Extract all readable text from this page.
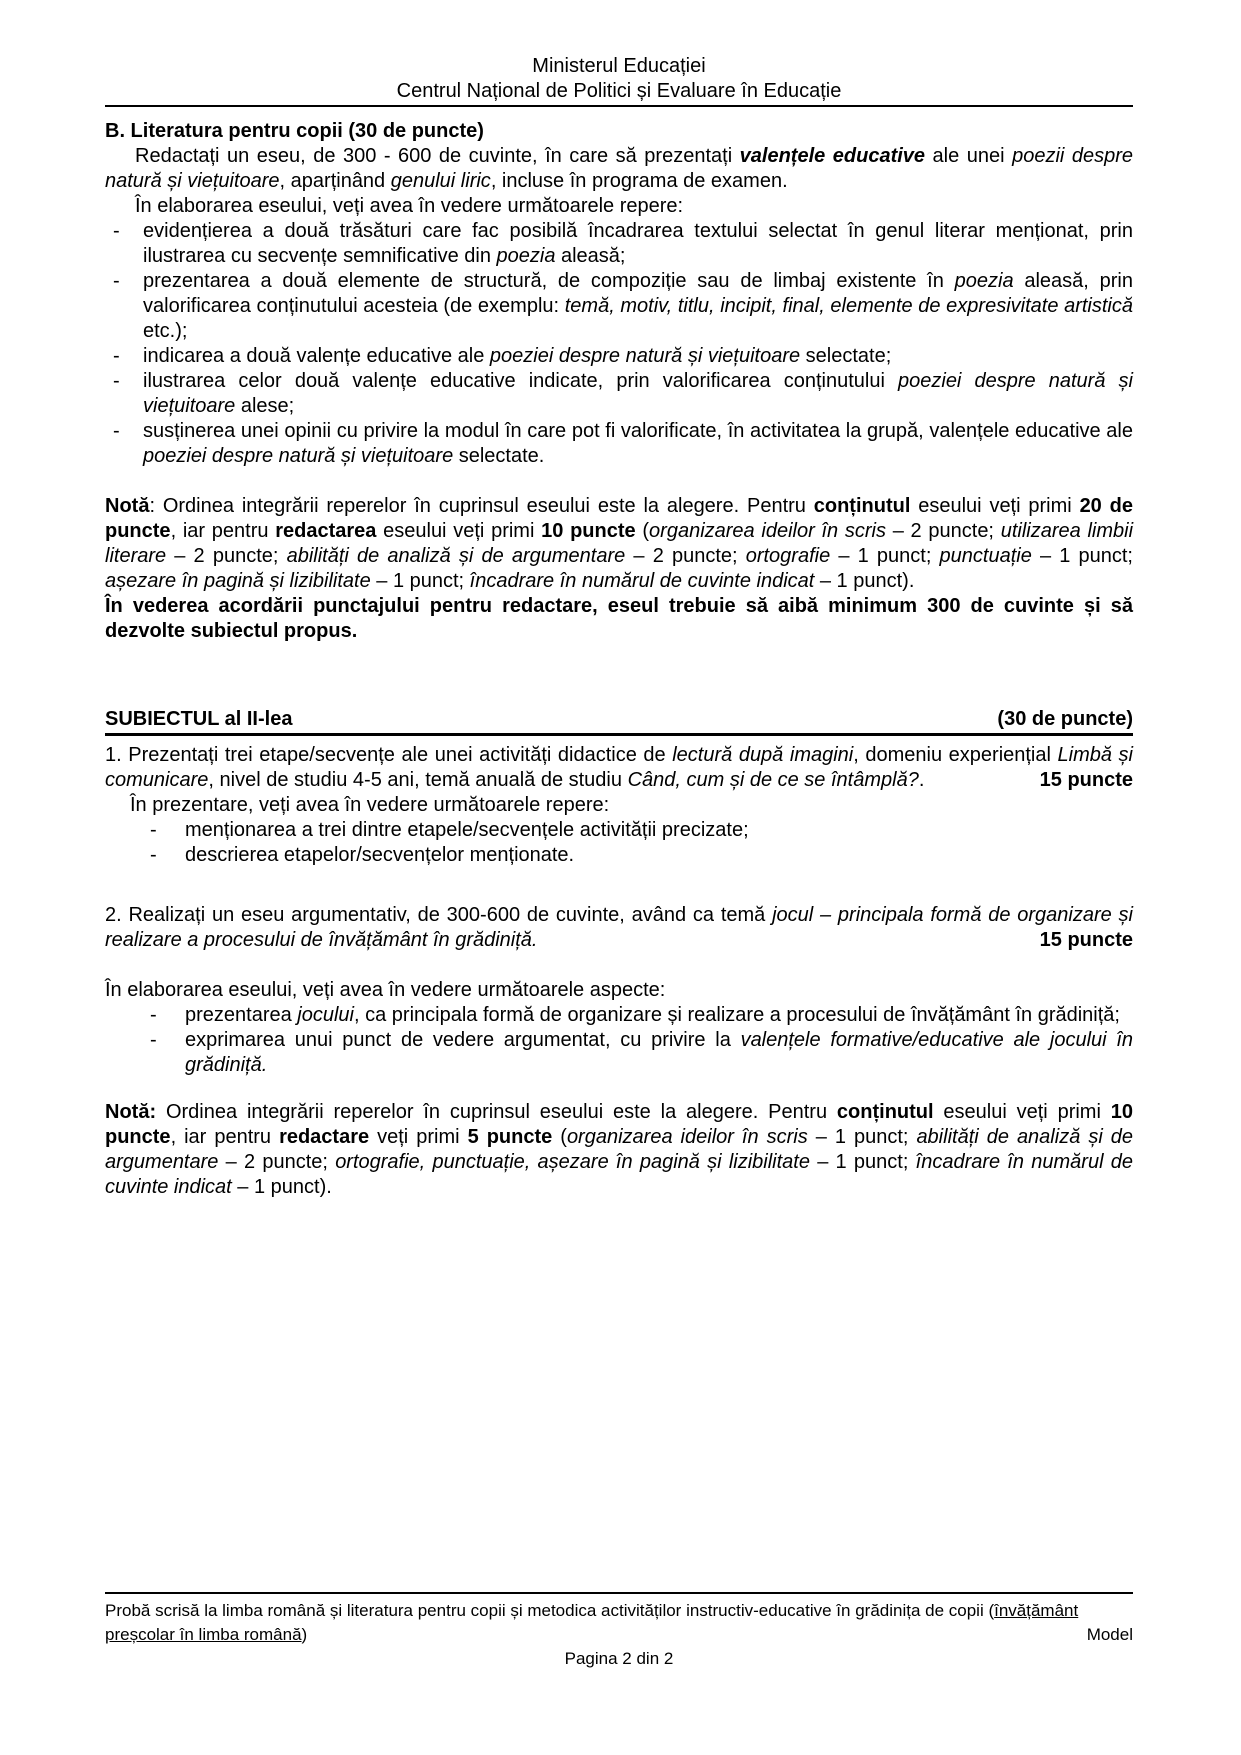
Ministerul Educației
Centrul Național de Politici și Evaluare în Educație

B. Literatura pentru copii (30 de puncte)

Redactați un eseu, de 300 - 600 de cuvinte, în care să prezentați valențele educative ale unei poezii despre natură și viețuitoare, aparținând genului liric, incluse în programa de examen.

În elaborarea eseului, veți avea în vedere următoarele repere:

- evidențierea a două trăsături care fac posibilă încadrarea textului selectat în genul literar menționat, prin ilustrarea cu secvențe semnificative din poezia aleasă;
- prezentarea a două elemente de structură, de compoziție sau de limbaj existente în poezia aleasă, prin valorificarea conținutului acesteia (de exemplu: temă, motiv, titlu, incipit, final, elemente de expresivitate artistică etc.);
- indicarea a două valențe educative ale poeziei despre natură și viețuitoare selectate;
- ilustrarea celor două valențe educative indicate, prin valorificarea conținutului poeziei despre natură și viețuitoare alese;
- susținerea unei opinii cu privire la modul în care pot fi valorificate, în activitatea la grupă, valențele educative ale poeziei despre natură și viețuitoare selectate.

Notă: Ordinea integrării reperelor în cuprinsul eseului este la alegere. Pentru conținutul eseului veți primi 20 de puncte, iar pentru redactarea eseului veți primi 10 puncte (organizarea ideilor în scris – 2 puncte; utilizarea limbii literare – 2 puncte; abilități de analiză și de argumentare – 2 puncte; ortografie – 1 punct; punctuație – 1 punct; așezare în pagină și lizibilitate – 1 punct; încadrare în numărul de cuvinte indicat – 1 punct).

În vederea acordării punctajului pentru redactare, eseul trebuie să aibă minimum 300 de cuvinte și să dezvolte subiectul propus.

SUBIECTUL al II-lea	(30 de puncte)

1. Prezentați trei etape/secvențe ale unei activități didactice de lectură după imagini, domeniu experiențial Limbă și comunicare, nivel de studiu 4-5 ani, temă anuală de studiu Când, cum și de ce se întâmplă?.	15 puncte

În prezentare, veți avea în vedere următoarele repere:

- menționarea a trei dintre etapele/secvențele activității precizate;
- descrierea etapelor/secvențelor menționate.

2. Realizați un eseu argumentativ, de 300-600 de cuvinte, având ca temă jocul – principala formă de organizare și realizare a procesului de învățământ în grădiniță.	15 puncte

În elaborarea eseului, veți avea în vedere următoarele aspecte:

- prezentarea jocului, ca principala formă de organizare și realizare a procesului de învățământ în grădiniță;
- exprimarea unui punct de vedere argumentat, cu privire la valențele formative/educative ale jocului în grădiniță.

Notă: Ordinea integrării reperelor în cuprinsul eseului este la alegere. Pentru conținutul eseului veți primi 10 puncte, iar pentru redactare veți primi 5 puncte (organizarea ideilor în scris – 1 punct; abilități de analiză și de argumentare – 2 puncte; ortografie, punctuație, așezare în pagină și lizibilitate – 1 punct; încadrare în numărul de cuvinte indicat – 1 punct).

Probă scrisă la limba română și literatura pentru copii și metodica activităților instructiv-educative în grădinița de copii (învățământ preșcolar în limba română)	Model

Pagina 2 din 2
